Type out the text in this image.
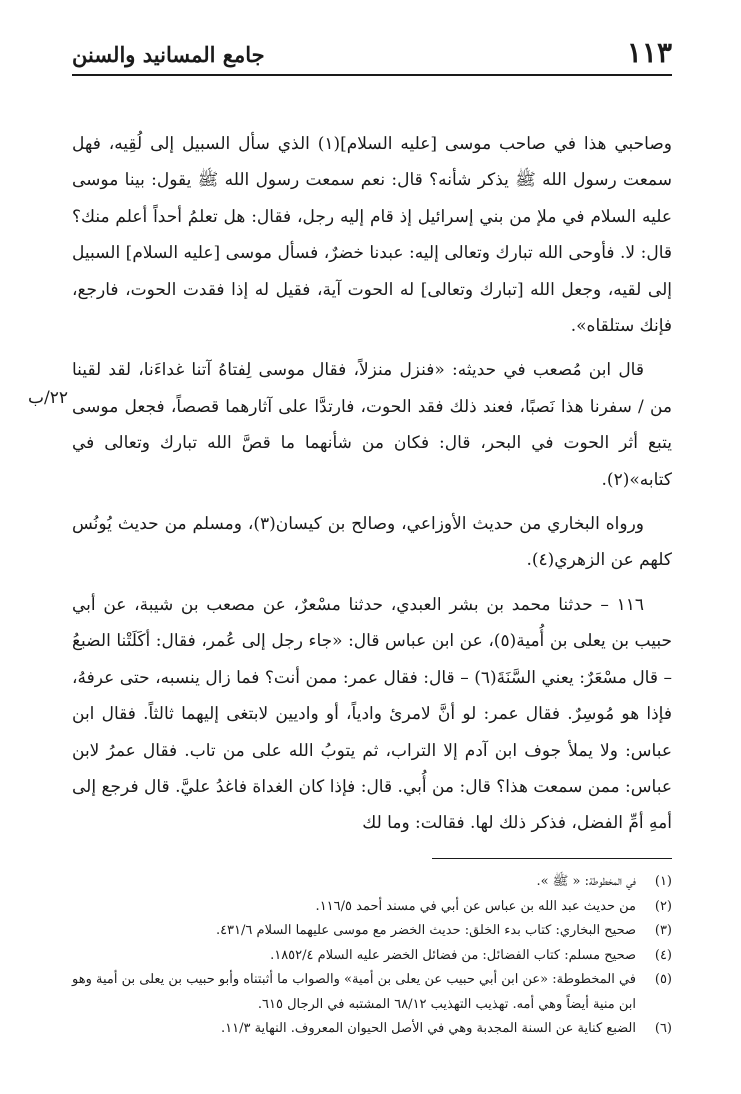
١١٣
جامع المسانيد والسنن

وصاحبي هذا في صاحب موسى [عليه السلام](١) الذي سأل السبيل إلى لُقِيه، فهل سمعت رسول الله ﷺ يذكر شأنه؟ قال: نعم سمعت رسول الله ﷺ يقول: بينا موسى عليه السلام في ملإ من بني إسرائيل إذ قام إليه رجل، فقال: هل تعلمُ أحداً أعلم منك؟ قال: لا. فأوحى الله تبارك وتعالى إليه: عبدنا خضرٌ، فسأل موسى [عليه السلام] السبيل إلى لقيه، وجعل الله [تبارك وتعالى] له الحوت آية، فقيل له إذا فقدت الحوت، فارجع، فإنك ستلقاه».

قال ابن مُصعب في حديثه: «فنزل منزلاً، فقال موسى لِفتاهُ آتنا غداءَنا، لقد لقينا من / سفرنا هذا نَصبًا، فعند ذلك فقد الحوت، فارتدَّا على آثارهما قصصاً، فجعل موسى يتبع أثر الحوت في البحر، قال: فكان من شأنهما ما قصَّ الله تبارك وتعالى في كتابه»(٢).

ورواه البخاري من حديث الأوزاعي، وصالح بن كيسان(٣)، ومسلم من حديث يُونُس كلهم عن الزهري(٤).

١١٦ – حدثنا محمد بن بشر العبدي، حدثنا مسْعرٌ، عن مصعب بن شيبة، عن أبي حبيب بن يعلى بن أُمية(٥)، عن ابن عباس قال: «جاء رجل إلى عُمر، فقال: أكَلَتْنا الضبعُ – قال مسْعَرٌ: يعني السَّنَةَ(٦) – قال: فقال عمر: ممن أنت؟ فما زال ينسبه، حتى عرفهُ، فإذا هو مُوسِرٌ. فقال عمر: لو أنَّ لامرئ وادياً، أو واديين لابتغى إليهما ثالثاً. فقال ابن عباس: ولا يملأ جوف ابن آدم إلا التراب، ثم يتوبُ الله على من تاب. فقال عمرُ لابن عباس: ممن سمعت هذا؟ قال: من أُبي. قال: فإذا كان الغداة فاغدُ عليَّ. قال فرجع إلى أمهِ أمِّ الفضل، فذكر ذلك لها. فقالت: وما لك

٢٢/ب
(١)
في المخطوطة: « ﷺ ».
(٢)
من حديث عبد الله بن عباس عن أبي في مسند أحمد ١١٦/٥.
(٣)
صحيح البخاري: كتاب بدء الخلق: حديث الخضر مع موسى عليهما السلام ٤٣١/٦.
(٤)
صحيح مسلم: كتاب الفضائل: من فضائل الخضر عليه السلام ١٨٥٢/٤.
(٥)
في المخطوطة: «عن ابن أبي حبيب عن يعلى بن أمية» والصواب ما أثبتناه وأبو حبيب بن يعلى بن أمية وهو ابن منية أيضاً وهي أمه. تهذيب التهذيب ٦٨/١٢ المشتبه في الرجال ٦١٥.
(٦)
الضبع كناية عن السنة المجدبة وهي في الأصل الحيوان المعروف. النهاية ١١/٣.
